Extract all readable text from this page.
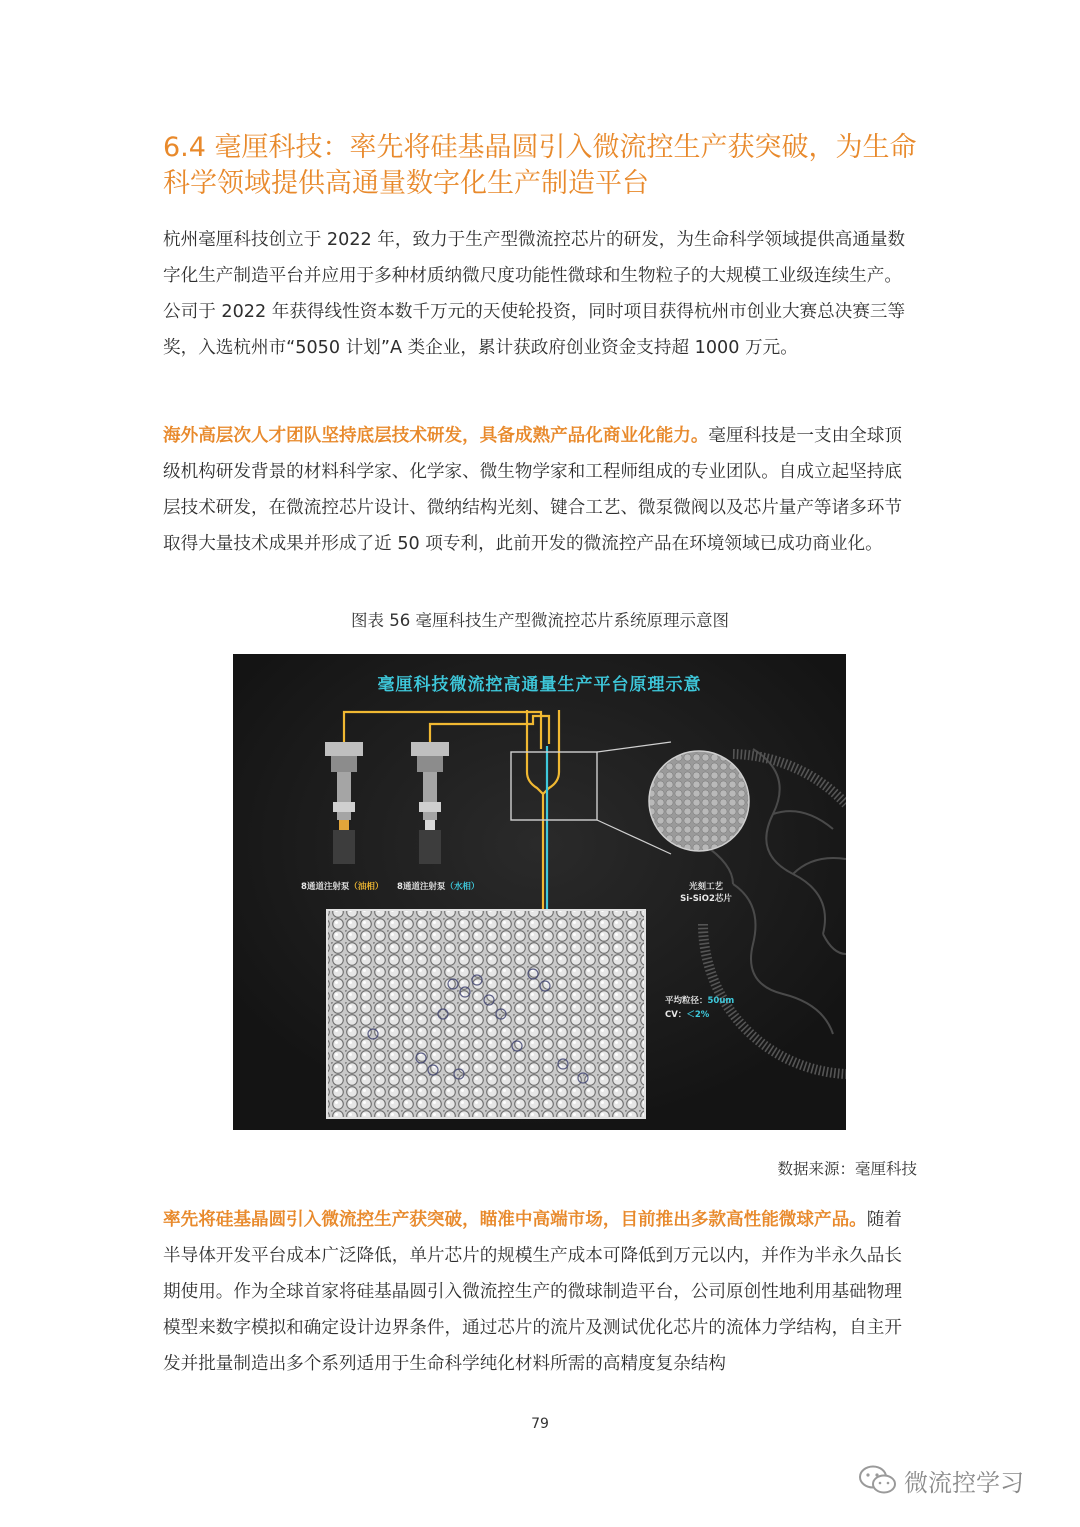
6.4 毫厘科技：率先将硅基晶圆引入微流控生产获突破，为生命科学领域提供高通量数字化生产制造平台

杭州毫厘科技创立于 2022 年，致力于生产型微流控芯片的研发，为生命科学领域提供高通量数字化生产制造平台并应用于多种材质纳微尺度功能性微球和生物粒子的大规模工业级连续生产。公司于 2022 年获得线性资本数千万元的天使轮投资，同时项目获得杭州市创业大赛总决赛三等奖，入选杭州市“5050 计划”A 类企业，累计获政府创业资金支持超 1000 万元。

海外高层次人才团队坚持底层技术研发，具备成熟产品化商业化能力。毫厘科技是一支由全球顶级机构研发背景的材料科学家、化学家、微生物学家和工程师组成的专业团队。自成立起坚持底层技术研发，在微流控芯片设计、微纳结构光刻、键合工艺、微泵微阀以及芯片量产等诸多环节取得大量技术成果并形成了近 50 项专利，此前开发的微流控产品在环境领域已成功商业化。

图表 56 毫厘科技生产型微流控芯片系统原理示意图
毫厘科技微流控高通量生产平台原理示意
8通道注射泵（油相） 8通道注射泵（水相）	光刻工艺
Si-SiO2芯片
平均粒径：50um
CV：＜2%
数据来源：毫厘科技

率先将硅基晶圆引入微流控生产获突破，瞄准中高端市场，目前推出多款高性能微球产品。随着半导体开发平台成本广泛降低，单片芯片的规模生产成本可降低到万元以内，并作为半永久品长期使用。作为全球首家将硅基晶圆引入微流控生产的微球制造平台，公司原创性地利用基础物理模型来数字模拟和确定设计边界条件，通过芯片的流片及测试优化芯片的流体力学结构，自主开发并批量制造出多个系列适用于生命科学纯化材料所需的高精度复杂结构

79
微流控学习
